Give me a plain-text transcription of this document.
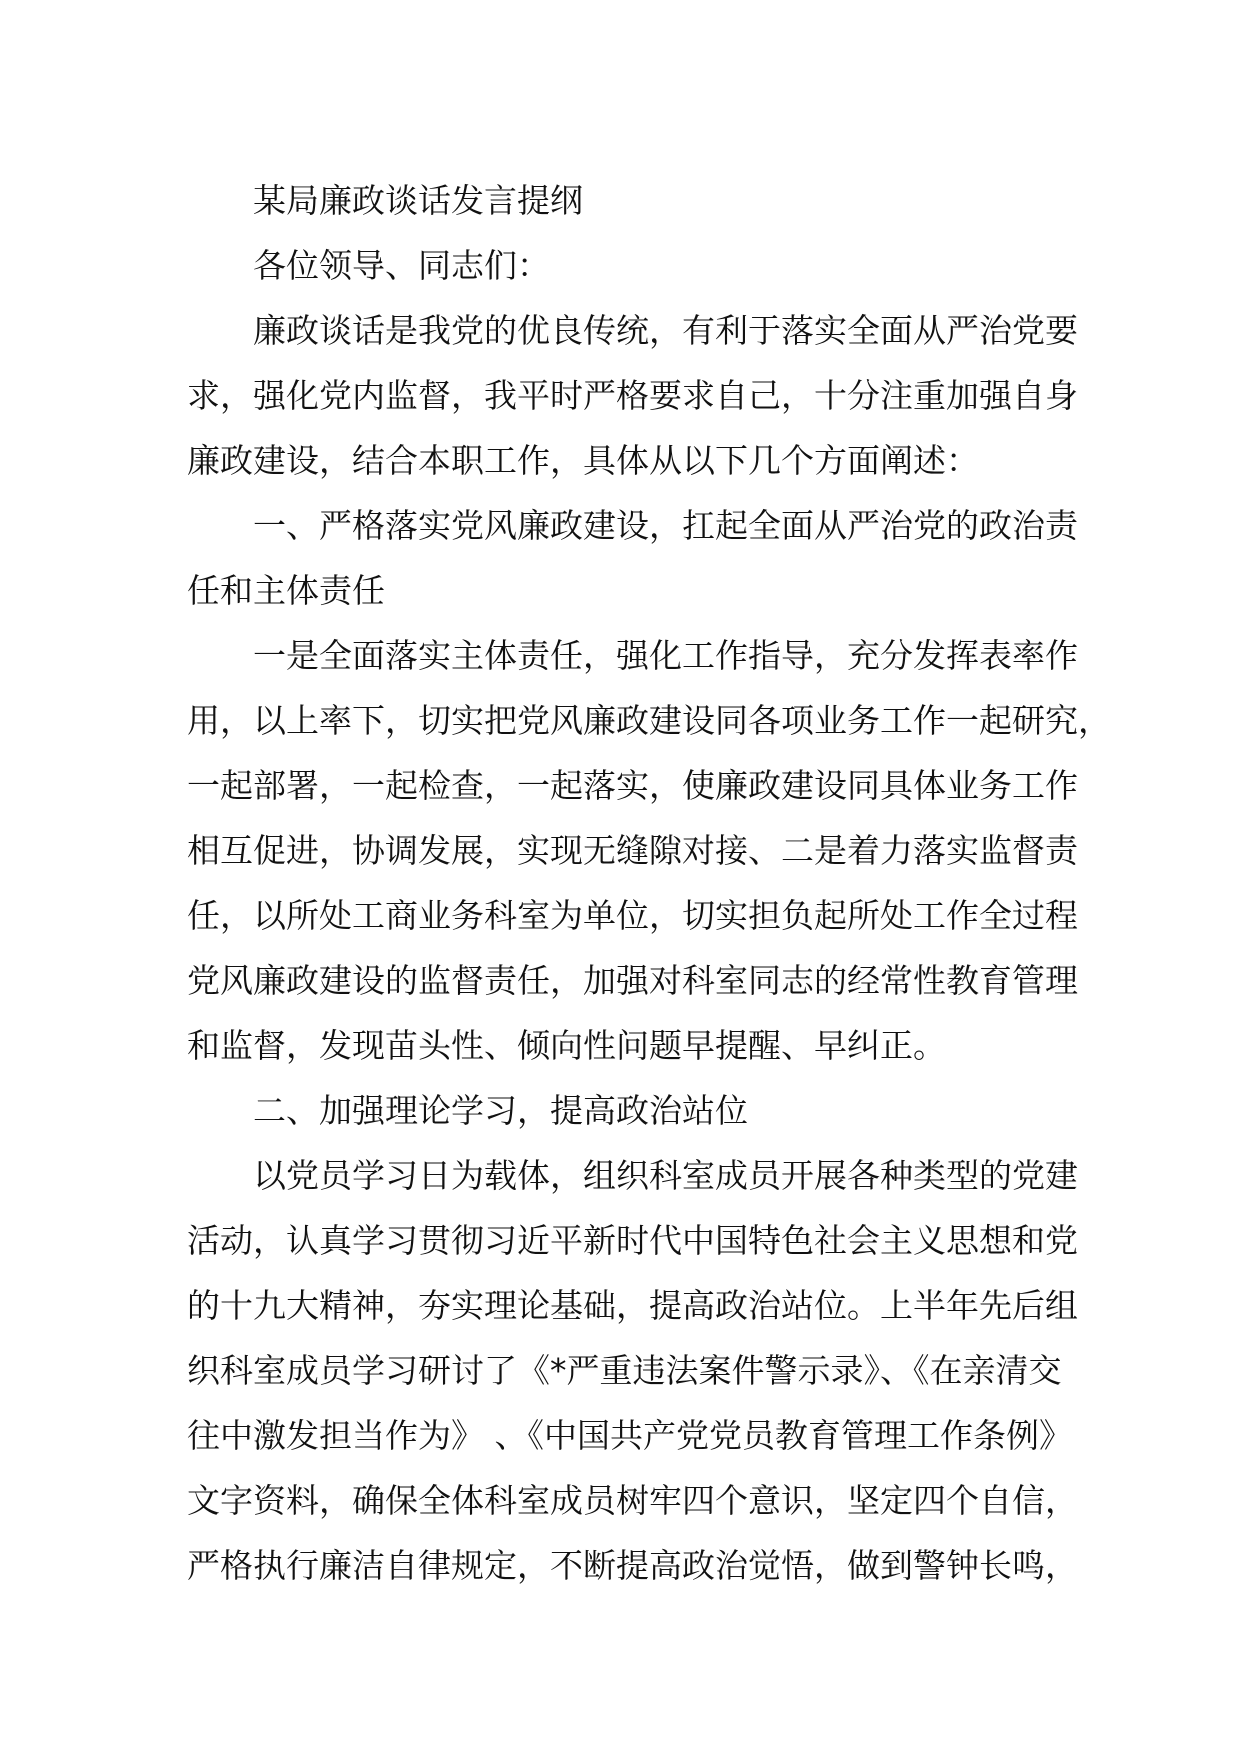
某局廉政谈话发言提纲

各位领导、同志们：

廉政谈话是我党的优良传统，有利于落实全面从严治党要
求，强化党内监督，我平时严格要求自己，十分注重加强自身
廉政建设，结合本职工作，具体从以下几个方面阐述：

一、严格落实党风廉政建设，扛起全面从严治党的政治责
任和主体责任

一是全面落实主体责任，强化工作指导，充分发挥表率作
用，以上率下，切实把党风廉政建设同各项业务工作一起研究，
一起部署，一起检查，一起落实，使廉政建设同具体业务工作
相互促进，协调发展，实现无缝隙对接、二是着力落实监督责
任，以所处工商业务科室为单位，切实担负起所处工作全过程
党风廉政建设的监督责任，加强对科室同志的经常性教育管理
和监督，发现苗头性、倾向性问题早提醒、早纠正。

二、加强理论学习，提高政治站位

以党员学习日为载体，组织科室成员开展各种类型的党建
活动，认真学习贯彻习近平新时代中国特色社会主义思想和党
的十九大精神，夯实理论基础，提高政治站位。上半年先后组
织科室成员学习研讨了《*严重违法案件警示录》、《在亲清交
往中激发担当作为》 、《中国共产党党员教育管理工作条例》
文字资料，确保全体科室成员树牢四个意识，坚定四个自信，
严格执行廉洁自律规定，不断提高政治觉悟，做到警钟长鸣，
